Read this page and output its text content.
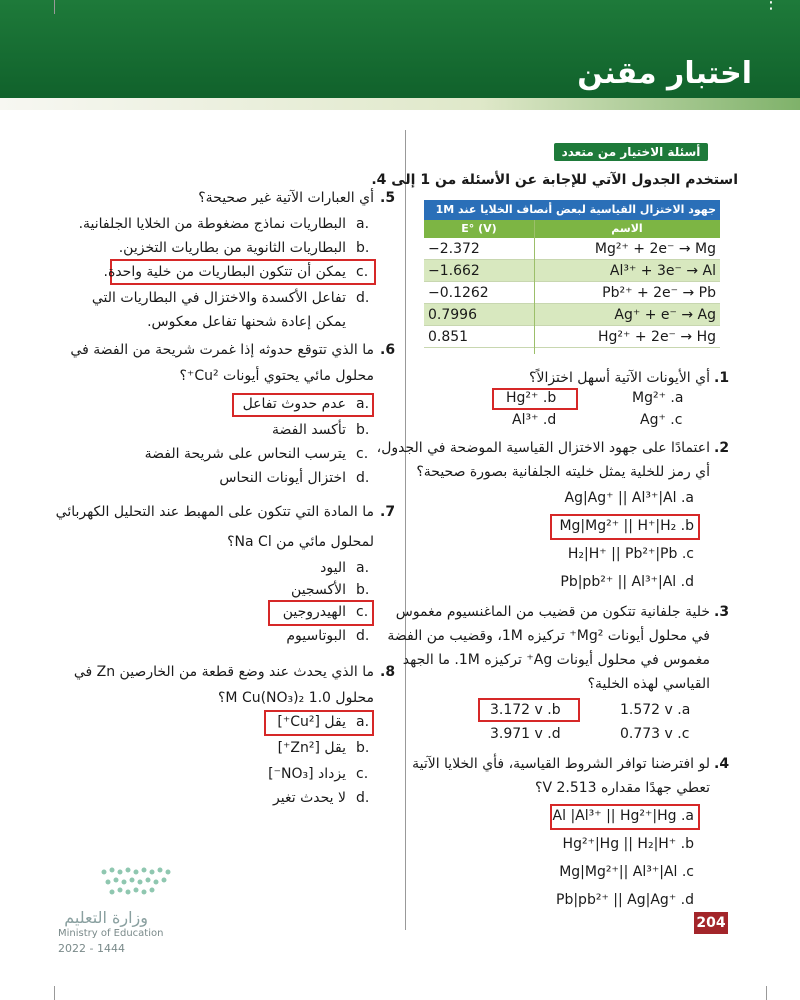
اختبار مقنن
أسئلة الاختيار من متعدد
استخدم الجدول الآتي للإجابة عن الأسئلة من 1 إلى 4.
جهود الاختزال القياسية لبعض أنصاف الخلايا عند 1M
E° (V)	الاسم
−2.372	Mg²⁺ + 2e⁻ → Mg
−1.662	Al³⁺ + 3e⁻ → Al
−0.1262	Pb²⁺ + 2e⁻ → Pb
0.7996	Ag⁺ + e⁻ → Ag
0.851	Hg²⁺ + 2e⁻ → Hg
.1
أي الأيونات الآتية أسهل اختزالاً؟
Mg²⁺ .a
Hg²⁺ .b
Ag⁺ .c
Al³⁺ .d
.2
اعتمادًا على جهود الاختزال القياسية الموضحة في الجدول،
أي رمز للخلية يمثل خليته الجلفانية بصورة صحيحة؟
Ag|Ag⁺ || Al³⁺|Al .a
Mg|Mg²⁺ || H⁺|H₂ .b
H₂|H⁺ || Pb²⁺|Pb .c
Pb|pb²⁺ || Al³⁺|Al .d
.3
خلية جلفانية تتكون من قضيب من الماغنسيوم مغموس
في محلول أيونات Mg²⁺ تركيزه 1M، وقضيب من الفضة
مغموس في محلول أيونات Ag⁺ تركيزه 1M. ما الجهد
القياسي لهذه الخلية؟
1.572 v .a
3.172 v .b
0.773 v .c
3.971 v .d
.4
لو افترضنا توافر الشروط القياسية، فأي الخلايا الآتية
تعطي جهدًا مقداره 2.513 V؟
Al |Al³⁺ || Hg²⁺|Hg .a
Hg²⁺|Hg || H₂|H⁺ .b
Mg|Mg²⁺|| Al³⁺|Al .c
Pb|pb²⁺ || Ag|Ag⁺ .d
.5
أي العبارات الآتية غير صحيحة؟
a.
البطاريات نماذج مضغوطة من الخلايا الجلفانية.
b.
البطاريات الثانوية من بطاريات التخزين.
c.
يمكن أن تتكون البطاريات من خلية واحدة.
d.
تفاعل الأكسدة والاختزال في البطاريات التي
يمكن إعادة شحنها تفاعل معكوس.
.6
ما الذي تتوقع حدوثه إذا غمرت شريحة من الفضة في
محلول مائي يحتوي أيونات Cu²⁺؟
a.
عدم حدوث تفاعل
b.
تأكسد الفضة
c.
يترسب النحاس على شريحة الفضة
d.
اختزال أيونات النحاس
.7
ما المادة التي تتكون على المهبط عند التحليل الكهربائي
لمحلول مائي من Na Cl؟
a.
اليود
b.
الأكسجين
c.
الهيدروجين
d.
البوتاسيوم
.8
ما الذي يحدث عند وضع قطعة من الخارصين Zn في
محلول 1.0 M Cu(NO₃)₂؟
a.
يقل [Cu²⁺]
b.
يقل [Zn²⁺]
c.
يزداد [NO₃⁻]
d.
لا يحدث تغير
وزارة التعليم
Ministry of Education
2022 - 1444
204
